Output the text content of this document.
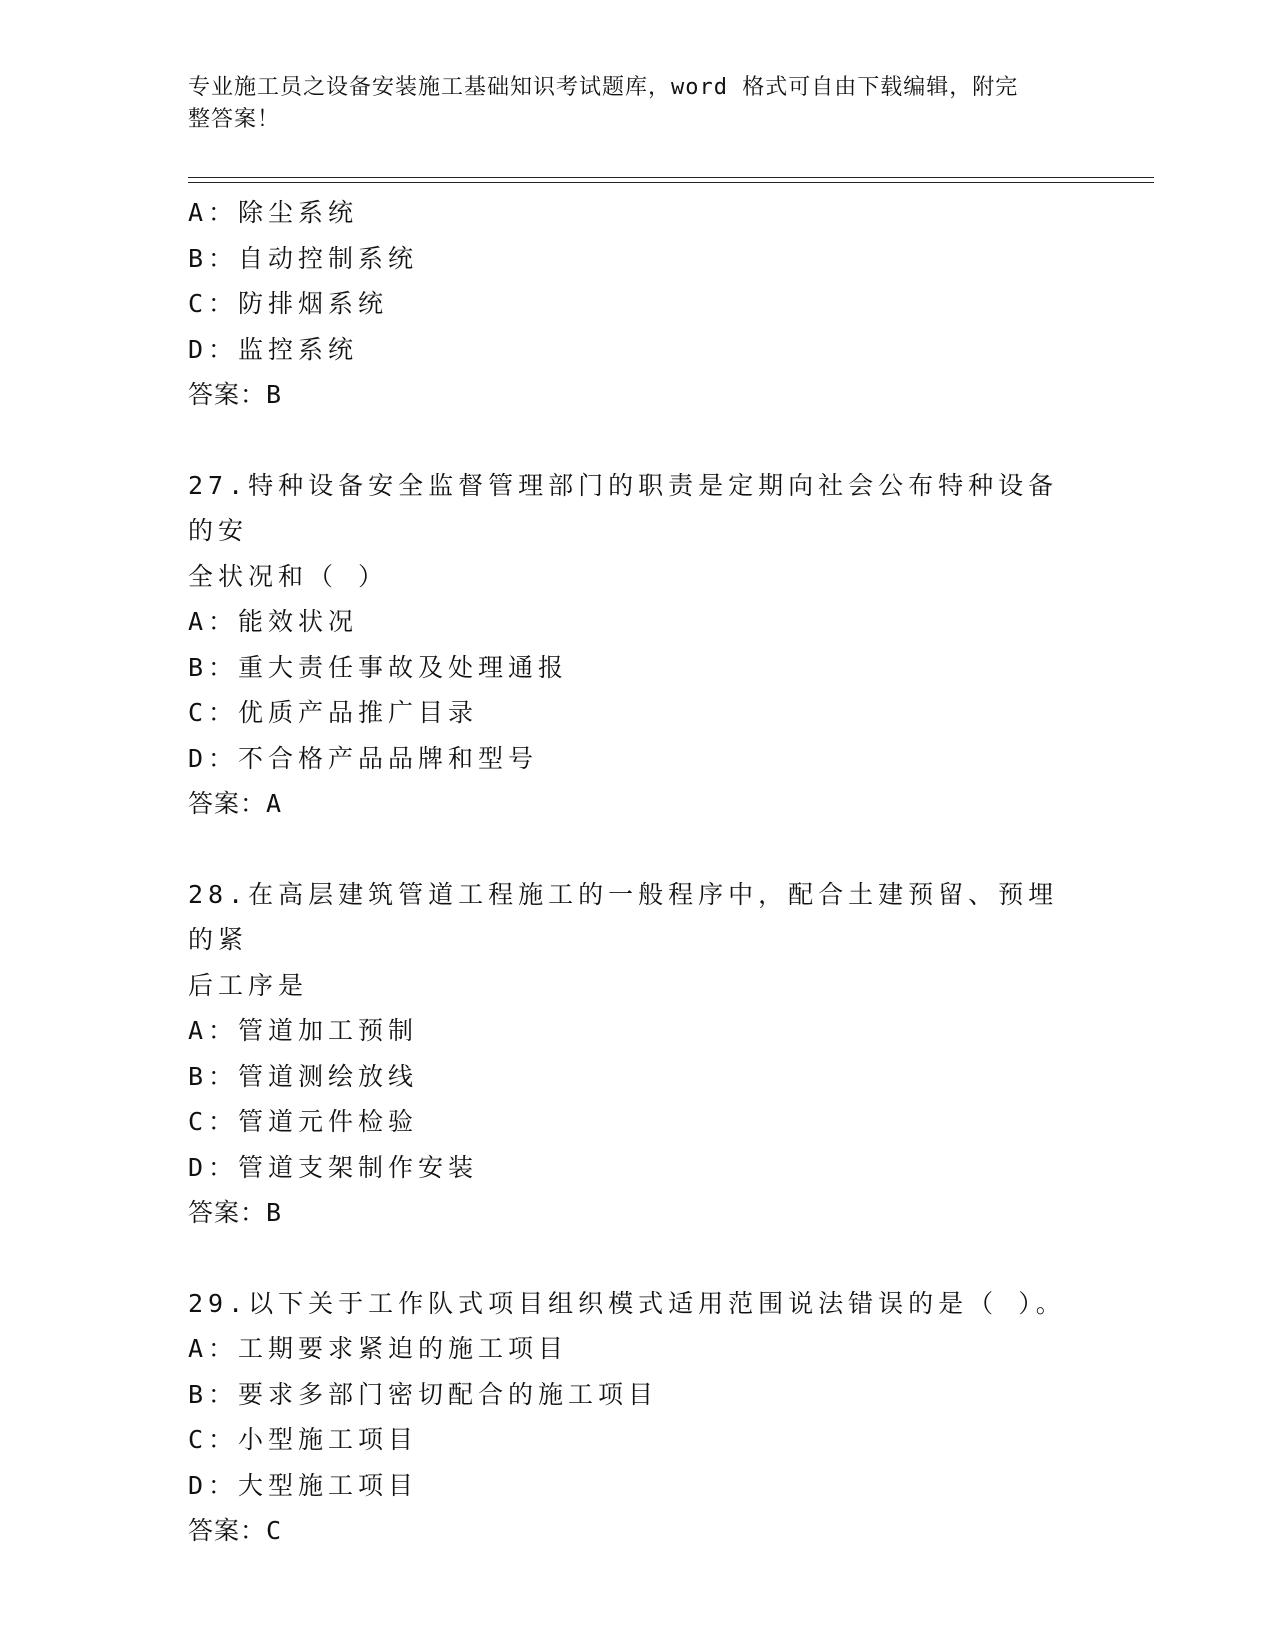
专业施工员之设备安装施工基础知识考试题库，word 格式可自由下载编辑，附完
整答案！
A：除尘系统
B：自动控制系统
C：防排烟系统
D：监控系统
答案：B
27.特种设备安全监督管理部门的职责是定期向社会公布特种设备的安
全状况和（ ）
A：能效状况
B：重大责任事故及处理通报
C：优质产品推广目录
D：不合格产品品牌和型号
答案：A
28.在高层建筑管道工程施工的一般程序中，配合土建预留、预埋的紧
后工序是
A：管道加工预制
B：管道测绘放线
C：管道元件检验
D：管道支架制作安装
答案：B
29.以下关于工作队式项目组织模式适用范围说法错误的是（ ）。
A：工期要求紧迫的施工项目
B：要求多部门密切配合的施工项目
C：小型施工项目
D：大型施工项目
答案：C
